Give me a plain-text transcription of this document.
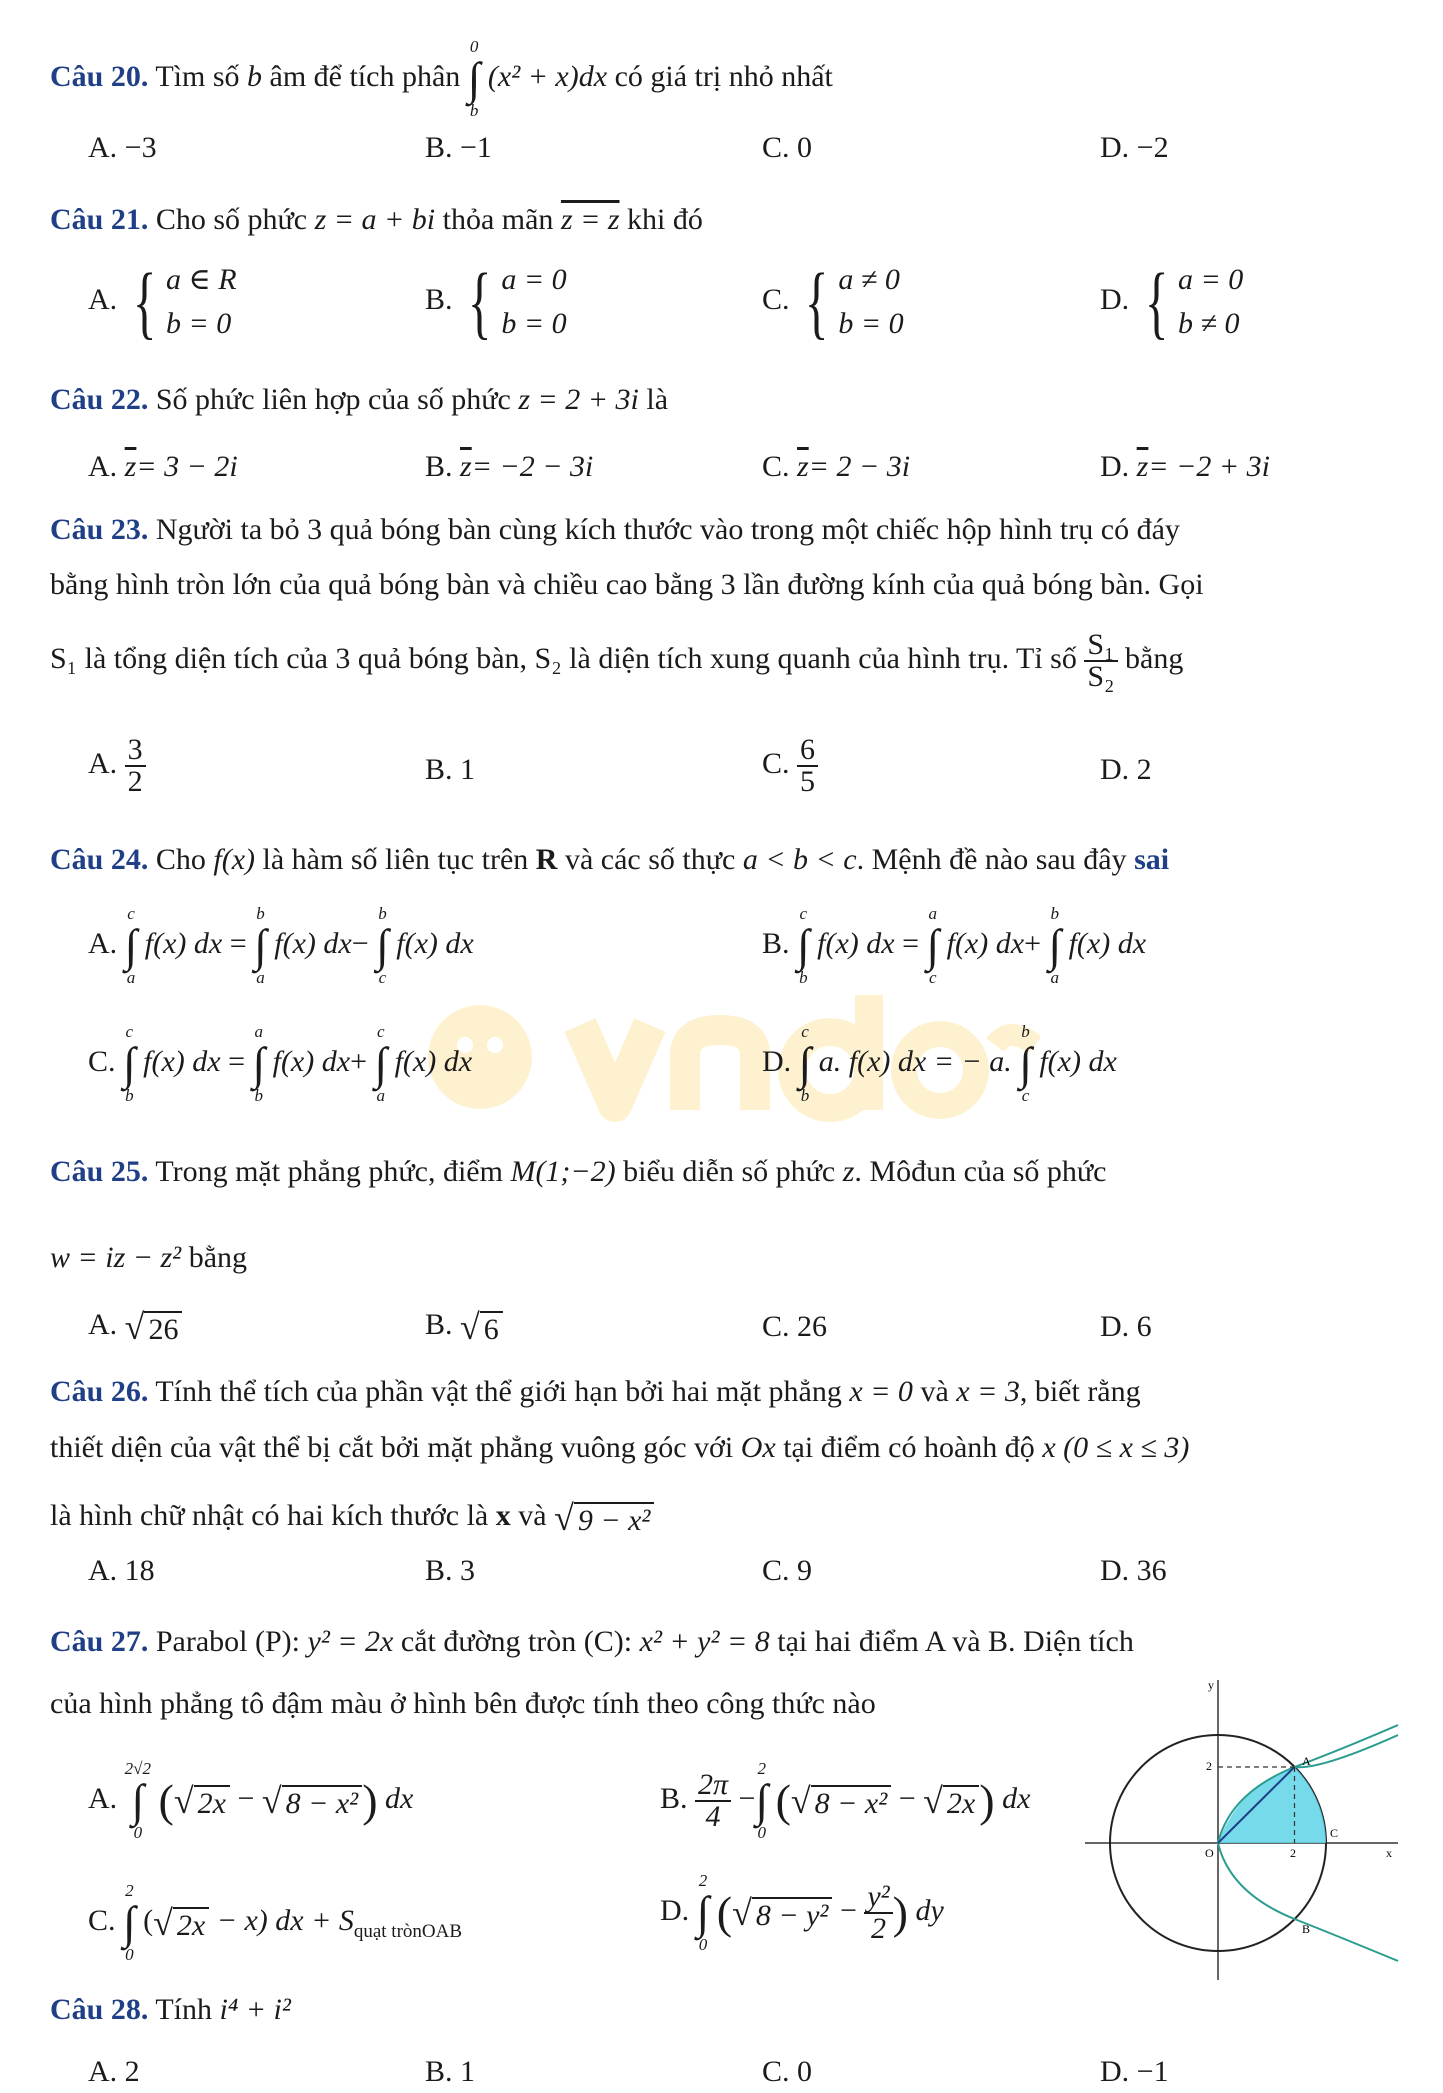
Câu 20. Tìm số b âm để tích phân
0
∫
b
(x² + x)dx có giá trị nhỏ nhất
A. −3	B. −1	C. 0	D. −2
Câu 21. Cho số phức z = a + bi thỏa mãn z = z khi đó
A. { a ∈ R
b = 0
B. { a = 0
b = 0
C. { a ≠ 0
b = 0
D. { a = 0
b ≠ 0
Câu 22. Số phức liên hợp của số phức z = 2 + 3i là
A. $\overline{z}= 3 - 2i$	B. $\overline{z}= -2 - 3i$	C. $\overline{z}= 2 - 3i$	D. $\overline{z}= -2 + 3i$
Câu 23. Người ta bỏ 3 quả bóng bàn cùng kích thước vào trong một chiếc hộp hình trụ có đáy
bằng hình tròn lớn của quả bóng bàn và chiều cao bằng 3 lần đường kính của quả bóng bàn. Gọi
S₁ là tổng diện tích của 3 quả bóng bàn, S₂ là diện tích xung quanh của hình trụ. Tỉ số $\frac{\text{S₁}}{\text{S₂}}$ bằng
A. $\frac{3}{2}$	B. 1	C. $\frac{6}{5}$	D. 2
Câu 24. Cho f(x) là hàm số liên tục trên R và các số thực a < b < c. Mệnh đề nào sau đây sai
A.
c
∫
a
f(x) dx =
b
∫
a
f(x) dx−
b
∫
c
f(x) dx	B.
c
∫
b
f(x) dx =
a
∫
c
f(x) dx+
b
∫
a
f(x) dx
C.
c
∫
b
f(x) dx =
a
∫
b
f(x) dx+
c
∫
a
f(x) dx	D.
c
∫
b
a. f(x) dx = − a.
b
∫
c
f(x) dx
Câu 25. Trong mặt phẳng phức, điểm M(1;−2) biểu diễn số phức z. Môđun của số phức
w = iz − z² bằng
A. √ 26	B. √ 6	C. 26	D. 6
Câu 26. Tính thể tích của phần vật thể giới hạn bởi hai mặt phẳng x = 0 và x = 3, biết rằng
thiết diện của vật thể bị cắt bởi mặt phẳng vuông góc với Ox tại điểm có hoành độ x (0 ≤ x ≤ 3)
là hình chữ nhật có hai kích thước là x và √ 9 − x²
A. 18	B. 3	C. 9	D. 36
Câu 27. Parabol (P): y² = 2x cắt đường tròn (C): x² + y² = 8 tại hai điểm A và B. Diện tích
của hình phẳng tô đậm màu ở hình bên được tính theo công thức nào
A.
2√2
∫
0
( √ 2x − √ 8 − x² ) dx	B. $\frac{2\pi}{4}$ −
2
∫
0
( √ 8 − x² − √ 2x ) dx
C.
2
∫
0
( √ 2x − x) dx + $S_{quạt trònOAB}$
D.
2
∫
0
( √ $8 - y^2 - \frac{\text{y²}}{2}$ ) dy
y
x
O
2
2
A
B
C
Câu 28. Tính i⁴ + i²
A. 2	B. 1	C. 0	D. −1
